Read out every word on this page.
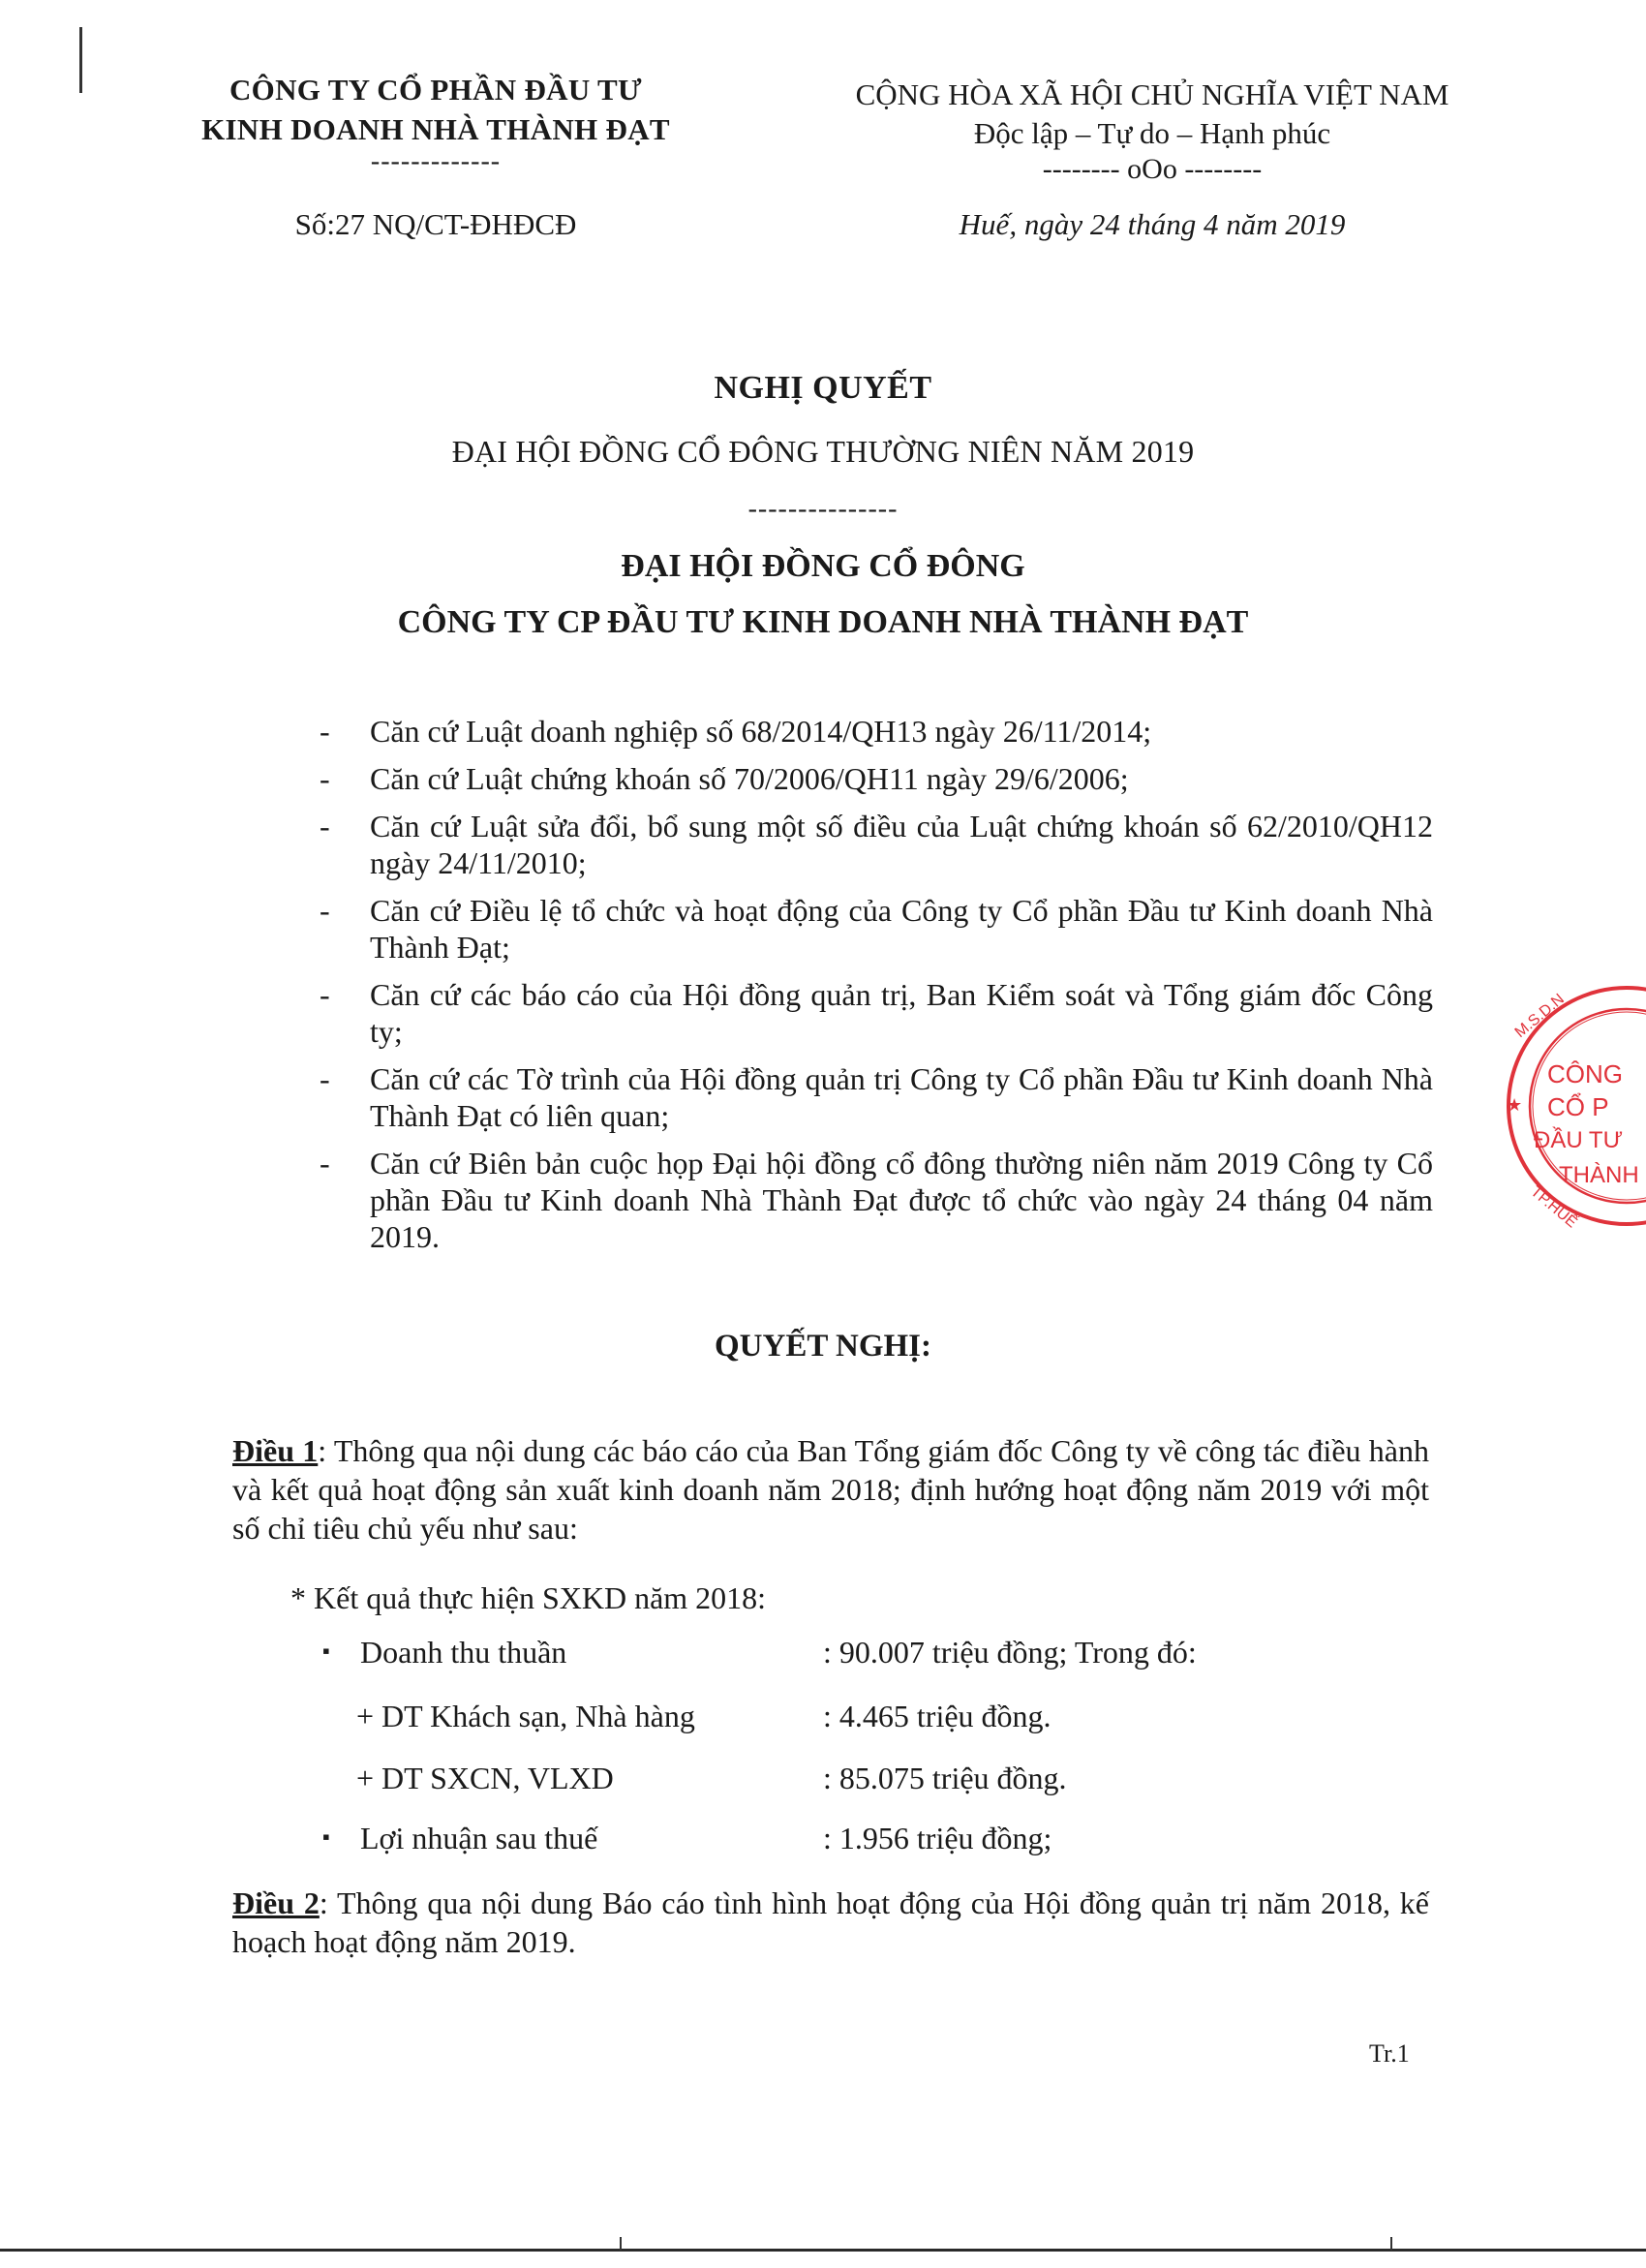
CÔNG TY CỔ PHẦN ĐẦU TƯ
KINH DOANH NHÀ THÀNH ĐẠT
-------------
Số:27 NQ/CT-ĐHĐCĐ
CỘNG HÒA XÃ HỘI CHỦ NGHĨA VIỆT NAM
Độc lập – Tự do – Hạnh phúc
-------- oOo --------
Huế, ngày 24 tháng 4 năm 2019
NGHỊ QUYẾT
ĐẠI HỘI ĐỒNG CỔ ĐÔNG THƯỜNG NIÊN NĂM 2019
---------------
ĐẠI HỘI ĐỒNG CỔ ĐÔNG
CÔNG TY CP ĐẦU TƯ KINH DOANH NHÀ THÀNH ĐẠT
- Căn cứ Luật doanh nghiệp số 68/2014/QH13 ngày 26/11/2014;
- Căn cứ Luật chứng khoán số 70/2006/QH11 ngày 29/6/2006;
- Căn cứ Luật sửa đổi, bổ sung một số điều của Luật chứng khoán số 62/2010/QH12 ngày 24/11/2010;
- Căn cứ Điều lệ tổ chức và hoạt động của Công ty Cổ phần Đầu tư Kinh doanh Nhà Thành Đạt;
- Căn cứ các báo cáo của Hội đồng quản trị, Ban Kiểm soát và Tổng giám đốc Công ty;
- Căn cứ các Tờ trình của Hội đồng quản trị Công ty Cổ phần Đầu tư Kinh doanh Nhà Thành Đạt có liên quan;
- Căn cứ Biên bản cuộc họp Đại hội đồng cổ đông thường niên năm 2019 Công ty Cổ phần Đầu tư Kinh doanh Nhà Thành Đạt được tổ chức vào ngày 24 tháng 04 năm 2019.
QUYẾT NGHỊ:
Điều 1: Thông qua nội dung các báo cáo của Ban Tổng giám đốc Công ty về công tác điều hành và kết quả hoạt động sản xuất kinh doanh năm 2018; định hướng hoạt động năm 2019 với một số chỉ tiêu chủ yếu như sau:
* Kết quả thực hiện SXKD năm 2018:
▪ Doanh thu thuần	: 90.007 triệu đồng; Trong đó:
+ DT Khách sạn, Nhà hàng	: 4.465 triệu đồng.
+ DT SXCN, VLXD	: 85.075 triệu đồng.
▪ Lợi nhuận sau thuế	: 1.956 triệu đồng;
Điều 2: Thông qua nội dung Báo cáo tình hình hoạt động của Hội đồng quản trị năm 2018, kế hoạch hoạt động năm 2019.
Tr.1
★
M.S.D.N
TP.HUẾ
CÔNG
CỔ P
ĐẦU TƯ
THÀNH
